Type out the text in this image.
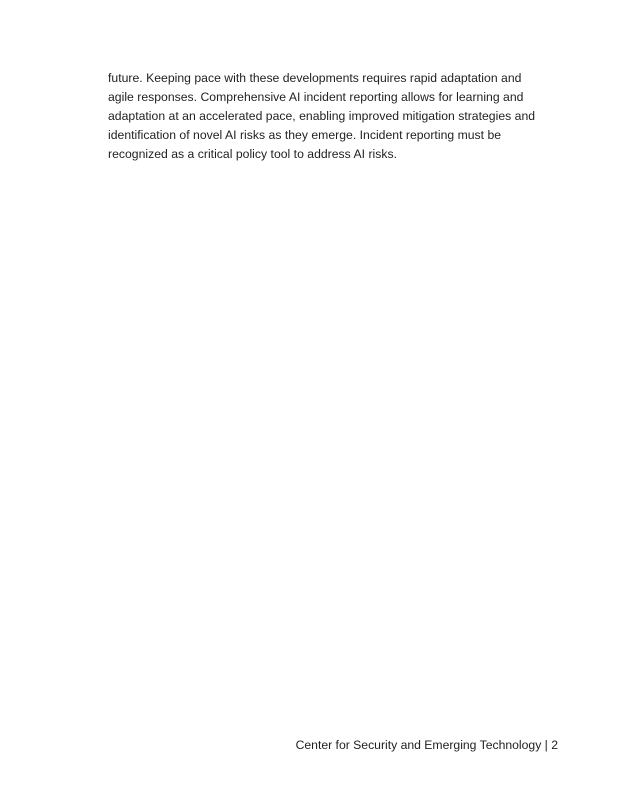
future. Keeping pace with these developments requires rapid adaptation and
agile responses. Comprehensive AI incident reporting allows for learning and
adaptation at an accelerated pace, enabling improved mitigation strategies and
identification of novel AI risks as they emerge. Incident reporting must be
recognized as a critical policy tool to address AI risks.

Center for Security and Emerging Technology | 2
